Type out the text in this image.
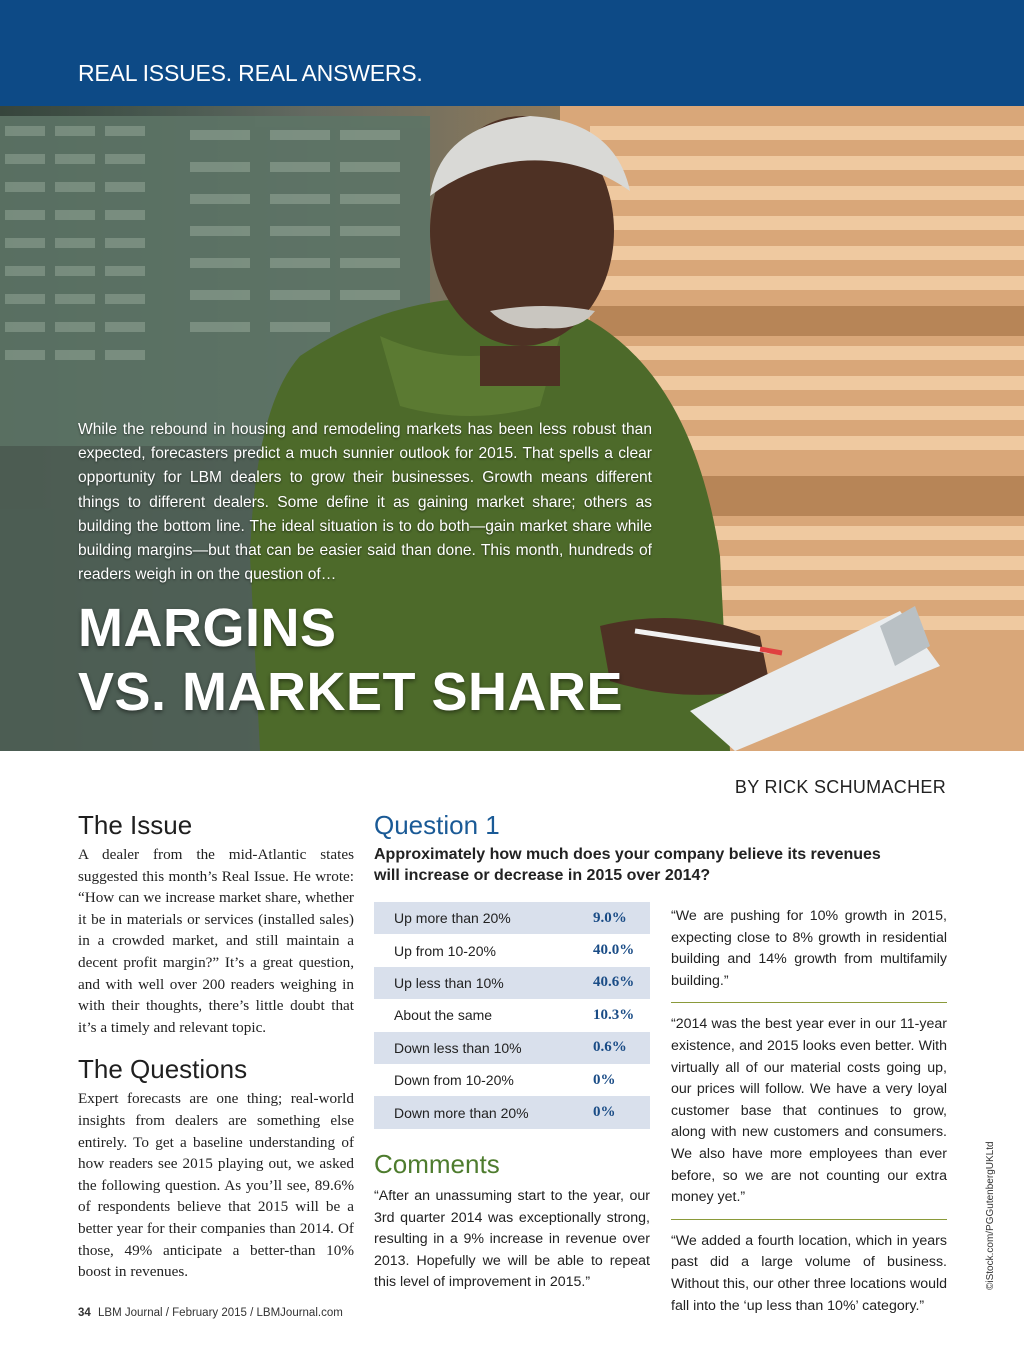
REAL ISSUES. REAL ANSWERS.
While the rebound in housing and remodeling markets has been less robust than expected, forecasters predict a much sunnier outlook for 2015. That spells a clear opportunity for LBM dealers to grow their businesses. Growth means different things to different dealers. Some define it as gaining market share; others as building the bottom line. The ideal situation is to do both—gain market share while building margins—but that can be easier said than done. This month, hundreds of readers weigh in on the question of…
MARGINS
VS. MARKET SHARE
BY RICK SCHUMACHER
The Issue

A dealer from the mid-Atlantic states suggested this month’s Real Issue. He wrote: “How can we increase market share, whether it be in materials or services (installed sales) in a crowded market, and still maintain a decent profit margin?” It’s a great question, and with well over 200 readers weighing in with their thoughts, there’s little doubt that it’s a timely and relevant topic.

The Questions

Expert forecasts are one thing; real-world insights from dealers are something else entirely. To get a baseline understanding of how readers see 2015 playing out, we asked the following question. As you’ll see, 89.6% of respondents believe that 2015 will be a better year for their companies than 2014. Of those, 49% anticipate a better-than 10% boost in revenues.

Question 1
Approximately how much does your company believe its revenues will increase or decrease in 2015 over 2014?
Up more than 20%	9.0%
Up from 10-20%	40.0%
Up less than 10%	40.6%
About the same	10.3%
Down less than 10%	0.6%
Down from 10-20%	0%
Down more than 20%	0%
Comments

“After an unassuming start to the year, our 3rd quarter 2014 was exceptionally strong, resulting in a 9% increase in revenue over 2013. Hopefully we will be able to repeat this level of improvement in 2015.”

“We are pushing for 10% growth in 2015, expecting close to 8% growth in residential building and 14% growth from multifamily building.”

“2014 was the best year ever in our 11-year existence, and 2015 looks even better. With virtually all of our material costs going up, our prices will follow. We have a very loyal customer base that continues to grow, along with new customers and consumers. We also have more employees than ever before, so we are not counting our extra money yet.”

“We added a fourth location, which in years past did a large volume of business. Without this, our other three locations would fall into the ‘up less than 10%’ category.”

©iStock.com/PGGutenbergUKLtd
34 LBM Journal / February 2015 / LBMJournal.com
